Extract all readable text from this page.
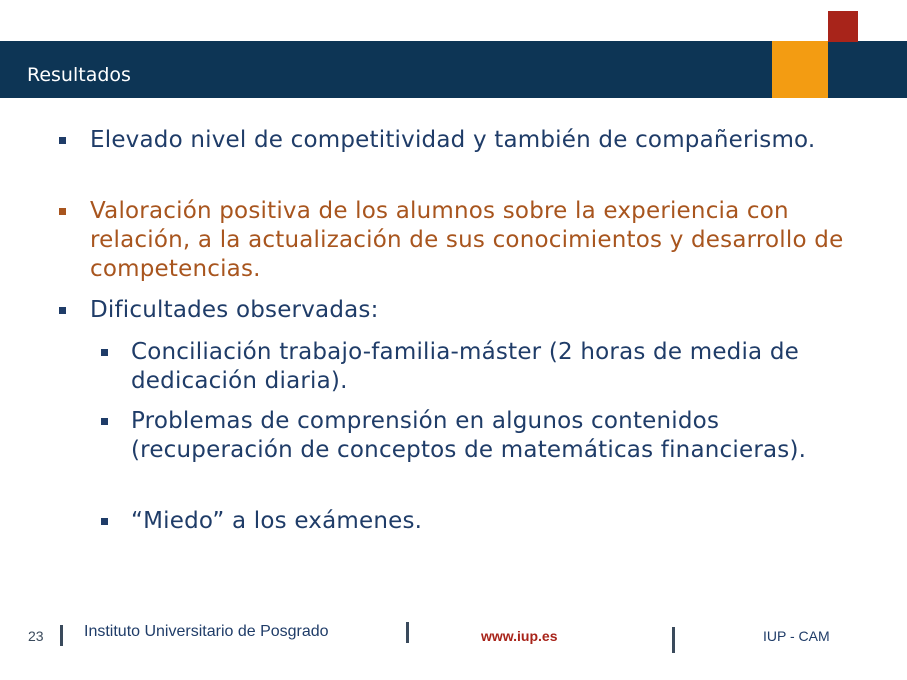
Resultados
Elevado nivel de competitividad y también de compañerismo.
Valoración positiva de los alumnos sobre la experiencia con relación, a la actualización de sus conocimientos y desarrollo de competencias.
Dificultades observadas:
Conciliación trabajo-familia-máster (2 horas de media de dedicación diaria).
Problemas de comprensión en algunos contenidos (recuperación de conceptos de matemáticas financieras).
“Miedo” a los exámenes.
23	Instituto Universitario de Posgrado	www.iup.es	IUP - CAM
